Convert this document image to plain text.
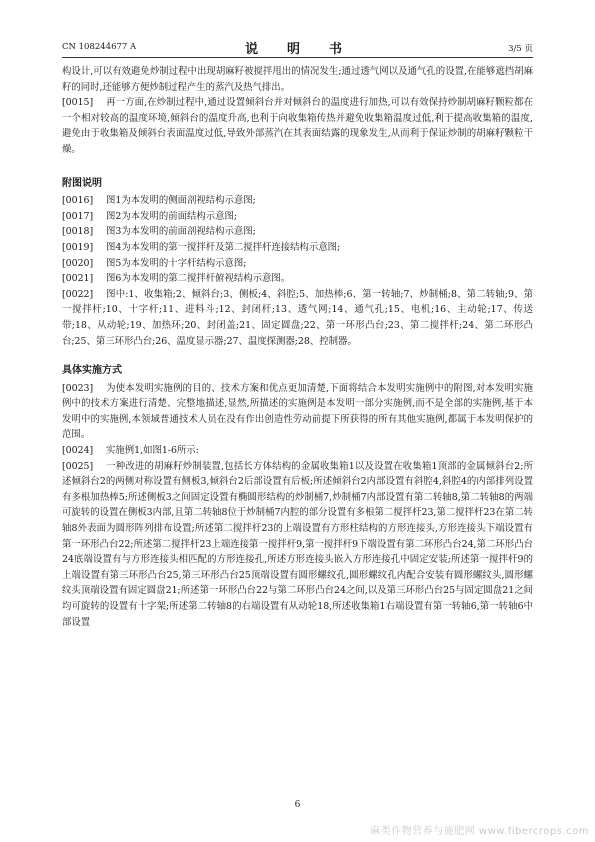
CN 108244677 A	说　明　书	3/5 页

构设计,可以有效避免炒制过程中出现胡麻籽被搅拌甩出的情况发生;通过透气网以及通气孔的设置,在能够遮挡胡麻籽的同时,还能够方便炒制过程产生的蒸汽及热气排出。

[0015] 再一方面,在炒制过程中,通过设置倾斜台并对倾斜台的温度进行加热,可以有效保持炒制胡麻籽颗粒都在一个相对较高的温度环境,倾斜台的温度升高,也利于向收集箱传热并避免收集箱温度过低,利于提高收集箱的温度,避免由于收集箱及倾斜台表面温度过低,导致外部蒸汽在其表面结露的现象发生,从而利于保证炒制的胡麻籽颗粒干燥。

附图说明

[0016] 图1为本发明的侧面剖视结构示意图;

[0017] 图2为本发明的前面结构示意图;

[0018] 图3为本发明的前面剖视结构示意图;

[0019] 图4为本发明的第一搅拌杆及第二搅拌杆连接结构示意图;

[0020] 图5为本发明的十字杆结构示意图;

[0021] 图6为本发明的第二搅拌杆俯视结构示意图。

[0022] 图中:1、收集箱;2、倾斜台;3、侧板;4、斜腔;5、加热棒;6、第一转轴;7、炒制桶;8、第二转轴;9、第一搅拌杆;10、十字杆;11、进料斗;12、封闭杆;13、透气网;14、通气孔;15、电机;16、主动轮;17、传送带;18、从动轮;19、加热环;20、封闭盖;21、固定圆盘;22、第一环形凸台;23、第二搅拌杆;24、第二环形凸台;25、第三环形凸台;26、温度显示器;27、温度探测器;28、控制器。

具体实施方式

[0023] 为使本发明实施例的目的、技术方案和优点更加清楚,下面将结合本发明实施例中的附图,对本发明实施例中的技术方案进行清楚、完整地描述,显然,所描述的实施例是本发明一部分实施例,而不是全部的实施例,基于本发明中的实施例,本领域普通技术人员在没有作出创造性劳动前提下所获得的所有其他实施例,都属于本发明保护的范围。

[0024] 实施例1,如图1-6所示:

[0025] 一种改进的胡麻籽炒制装置,包括长方体结构的金属收集箱1以及设置在收集箱1顶部的金属倾斜台2;所述倾斜台2的两侧对称设置有侧板3,倾斜台2后部设置有后板;所述倾斜台2内部设置有斜腔4,斜腔4的内部排列设置有多根加热棒5;所述侧板3之间固定设置有椭圆形结构的炒制桶7,炒制桶7内部设置有第二转轴8,第二转轴8的两端可旋转的设置在侧板3内部,且第二转轴8位于炒制桶7内腔的部分设置有多根第二搅拌杆23,第二搅拌杆23在第二转轴8外表面为圆形阵列排布设置;所述第二搅拌杆23的上端设置有方形柱结构的方形连接头,方形连接头下端设置有第一环形凸台22;所述第二搅拌杆23上端连接第一搅拌杆9,第一搅拌杆9下端设置有第二环形凸台24,第二环形凸台24底端设置有与方形连接头相匹配的方形连接孔,所述方形连接头嵌入方形连接孔中固定安装;所述第一搅拌杆9的上端设置有第三环形凸台25,第三环形凸台25顶端设置有圆形螺纹孔,圆形螺纹孔内配合安装有圆形螺纹头,圆形螺纹头顶端设置有固定圆盘21;所述第一环形凸台22与第二环形凸台24之间,以及第三环形凸台25与固定圆盘21之间均可旋转的设置有十字架;所述第二转轴8的右端设置有从动轮18,所述收集箱1右端设置有第一转轴6,第一转轴6中部设置

6
麻类作物营养与施肥网 www.fibercrops.com
